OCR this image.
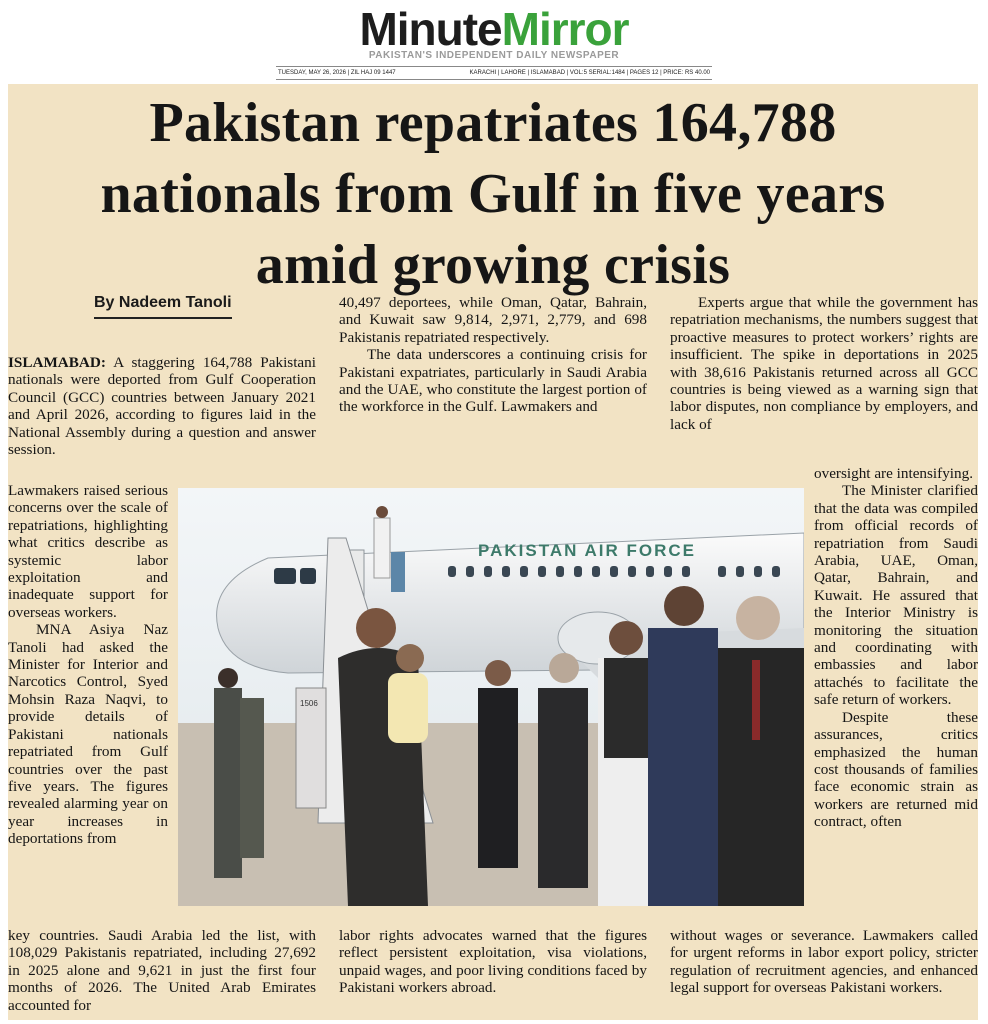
MinuteMirror
PAKISTAN'S INDEPENDENT DAILY NEWSPAPER
TUESDAY, MAY 26, 2026 | ZIL HAJ 09 1447	KARACHI | LAHORE | ISLAMABAD | VOL:5 SERIAL:1484 | PAGES 12 | PRICE: RS 40.00
Pakistan repatriates 164,788
nationals from Gulf in five years
amid growing crisis
By Nadeem Tanoli

ISLAMABAD: A staggering 164,788 Pakistani nationals were deported from Gulf Cooperation Council (GCC) countries between January 2021 and April 2026, according to figures laid in the National Assembly during a question and answer session.

Lawmakers raised serious concerns over the scale of repatriations, highlighting what critics describe as systemic labor exploitation and inadequate support for overseas workers.

MNA Asiya Naz Tanoli had asked the Minister for Interior and Narcotics Control, Syed Mohsin Raza Naqvi, to provide details of Pakistani nationals repatriated from Gulf countries over the past five years. The figures revealed alarming year on year increases in deportations from

key countries. Saudi Arabia led the list, with 108,029 Pakistanis repatriated, including 27,692 in 2025 alone and 9,621 in just the first four months of 2026. The United Arab Emirates accounted for

40,497 deportees, while Oman, Qatar, Bahrain, and Kuwait saw 9,814, 2,971, 2,779, and 698 Pakistanis repatriated respectively.

The data underscores a continuing crisis for Pakistani expatriates, particularly in Saudi Arabia and the UAE, who constitute the largest portion of the workforce in the Gulf. Lawmakers and

labor rights advocates warned that the figures reflect persistent exploitation, visa violations, unpaid wages, and poor living conditions faced by Pakistani workers abroad.

Experts argue that while the government has repatriation mechanisms, the numbers suggest that proactive measures to protect workers’ rights are insufficient. The spike in deportations in 2025 with 38,616 Pakistanis returned across all GCC countries is being viewed as a warning sign that labor disputes, non compliance by employers, and lack of

oversight are intensifying.

The Minister clarified that the data was compiled from official records of repatriation from Saudi Arabia, UAE, Oman, Qatar, Bahrain, and Kuwait. He assured that the Interior Ministry is monitoring the situation and coordinating with embassies and labor attachés to facilitate the safe return of workers.

Despite these assurances, critics emphasized the human cost thousands of families face economic strain as workers are returned mid contract, often

without wages or severance. Lawmakers called for urgent reforms in labor export policy, stricter regulation of recruitment agencies, and enhanced legal support for overseas Pakistani workers.

PAKISTAN AIR FORCE
1506
